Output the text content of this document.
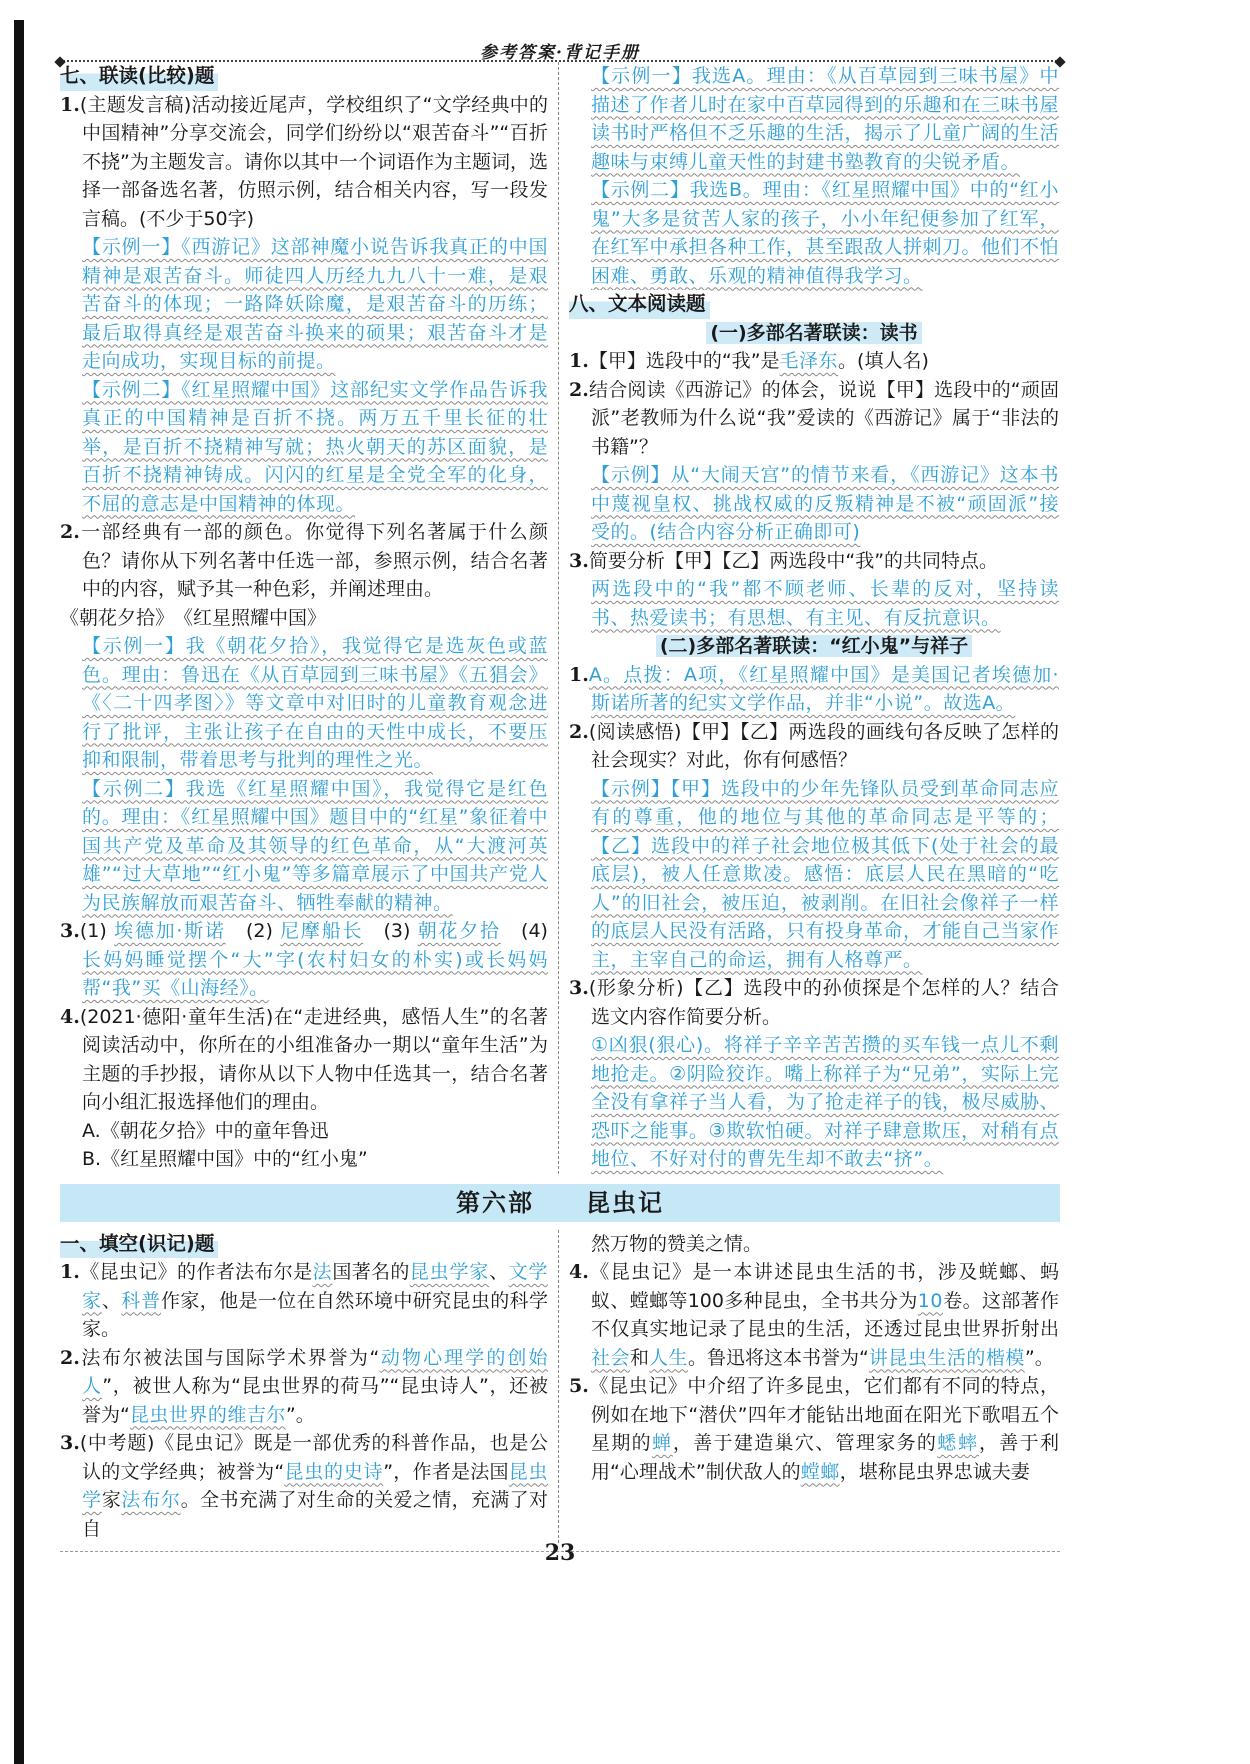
参考答案·背记手册
七、联读(比较)题
1.(主题发言稿)活动接近尾声，学校组织了“文学经典中的中国精神”分享交流会，同学们纷纷以“艰苦奋斗”“百折不挠”为主题发言。请你以其中一个词语作为主题词，选择一部备选名著，仿照示例，结合相关内容，写一段发言稿。(不少于50字)
【示例一】《西游记》这部神魔小说告诉我真正的中国精神是艰苦奋斗。师徒四人历经九九八十一难，是艰苦奋斗的体现；一路降妖除魔，是艰苦奋斗的历练；最后取得真经是艰苦奋斗换来的硕果；艰苦奋斗才是走向成功，实现目标的前提。
【示例二】《红星照耀中国》这部纪实文学作品告诉我真正的中国精神是百折不挠。两万五千里长征的壮举，是百折不挠精神写就；热火朝天的苏区面貌，是百折不挠精神铸成。闪闪的红星是全党全军的化身，不屈的意志是中国精神的体现。
2.一部经典有一部的颜色。你觉得下列名著属于什么颜色？请你从下列名著中任选一部，参照示例，结合名著中的内容，赋予其一种色彩，并阐述理由。
《朝花夕拾》　《红星照耀中国》
【示例一】我《朝花夕拾》，我觉得它是选灰色或蓝色。理由：鲁迅在《从百草园到三味书屋》《五猖会》《〈二十四孝图〉》等文章中对旧时的儿童教育观念进行了批评，主张让孩子在自由的天性中成长，不要压抑和限制，带着思考与批判的理性之光。
【示例二】我选《红星照耀中国》，我觉得它是红色的。理由：《红星照耀中国》题目中的“红星”象征着中国共产党及革命及其领导的红色革命，从“大渡河英雄”“过大草地”“红小鬼”等多篇章展示了中国共产党人为民族解放而艰苦奋斗、牺牲奉献的精神。
3.(1) 埃德加·斯诺　(2) 尼摩船长　(3) 朝花夕拾　(4) 长妈妈睡觉摆个“大”字(农村妇女的朴实)或长妈妈帮“我”买《山海经》。
4.(2021·德阳·童年生活)在“走进经典，感悟人生”的名著阅读活动中，你所在的小组准备办一期以“童年生活”为主题的手抄报，请你从以下人物中任选其一，结合名著向小组汇报选择他们的理由。
A.《朝花夕拾》中的童年鲁迅
B.《红星照耀中国》中的“红小鬼”
【示例一】我选A。理由：《从百草园到三味书屋》中描述了作者儿时在家中百草园得到的乐趣和在三味书屋读书时严格但不乏乐趣的生活，揭示了儿童广阔的生活趣味与束缚儿童天性的封建书塾教育的尖锐矛盾。
【示例二】我选B。理由：《红星照耀中国》中的“红小鬼”大多是贫苦人家的孩子，小小年纪便参加了红军，在红军中承担各种工作，甚至跟敌人拼刺刀。他们不怕困难、勇敢、乐观的精神值得我学习。
八、文本阅读题
(一)多部名著联读：读书
1.【甲】选段中的“我”是毛泽东。(填人名)
2.结合阅读《西游记》的体会，说说【甲】选段中的“顽固派”老教师为什么说“我”爱读的《西游记》属于“非法的书籍”？
【示例】从“大闹天宫”的情节来看，《西游记》这本书中蔑视皇权、挑战权威的反叛精神是不被“顽固派”接受的。(结合内容分析正确即可)
3.简要分析【甲】【乙】两选段中“我”的共同特点。
两选段中的“我”都不顾老师、长辈的反对，坚持读书、热爱读书；有思想、有主见、有反抗意识。
(二)多部名著联读：“红小鬼”与祥子
1.A。点拨：A项，《红星照耀中国》是美国记者埃德加·斯诺所著的纪实文学作品，并非“小说”。故选A。
2.(阅读感悟)【甲】【乙】两选段的画线句各反映了怎样的社会现实？对此，你有何感悟？
【示例】【甲】选段中的少年先锋队员受到革命同志应有的尊重，他的地位与其他的革命同志是平等的；【乙】选段中的祥子社会地位极其低下(处于社会的最底层)，被人任意欺凌。感悟：底层人民在黑暗的“吃人”的旧社会，被压迫，被剥削。在旧社会像祥子一样的底层人民没有活路，只有投身革命，才能自己当家作主，主宰自己的命运，拥有人格尊严。
3.(形象分析)【乙】选段中的孙侦探是个怎样的人？结合选文内容作简要分析。
①凶狠(狠心)。将祥子辛辛苦苦攒的买车钱一点儿不剩地抢走。②阴险狡诈。嘴上称祥子为“兄弟”，实际上完全没有拿祥子当人看，为了抢走祥子的钱，极尽威胁、恐吓之能事。③欺软怕硬。对祥子肆意欺压，对稍有点地位、不好对付的曹先生却不敢去“挤”。
第六部　　 昆虫记
一、填空(识记)题
1.《昆虫记》的作者法布尔是法国著名的昆虫学家、文学家、科普作家，他是一位在自然环境中研究昆虫的科学家。
2.法布尔被法国与国际学术界誉为“动物心理学的创始人”，被世人称为“昆虫世界的荷马”“昆虫诗人”，还被誉为“昆虫世界的维吉尔”。
3.(中考题)《昆虫记》既是一部优秀的科普作品，也是公认的文学经典；被誉为“昆虫的史诗”，作者是法国昆虫学家法布尔。全书充满了对生命的关爱之情，充满了对自
然万物的赞美之情。
4.《昆虫记》是一本讲述昆虫生活的书，涉及蜣螂、蚂蚁、螳螂等100多种昆虫，全书共分为10卷。这部著作不仅真实地记录了昆虫的生活，还透过昆虫世界折射出社会和人生。鲁迅将这本书誉为“讲昆虫生活的楷模”。
5.《昆虫记》中介绍了许多昆虫，它们都有不同的特点，例如在地下“潜伏”四年才能钻出地面在阳光下歌唱五个星期的蝉，善于建造巢穴、管理家务的蟋蟀，善于利用“心理战术”制伏敌人的螳螂，堪称昆虫界忠诚夫妻
23
